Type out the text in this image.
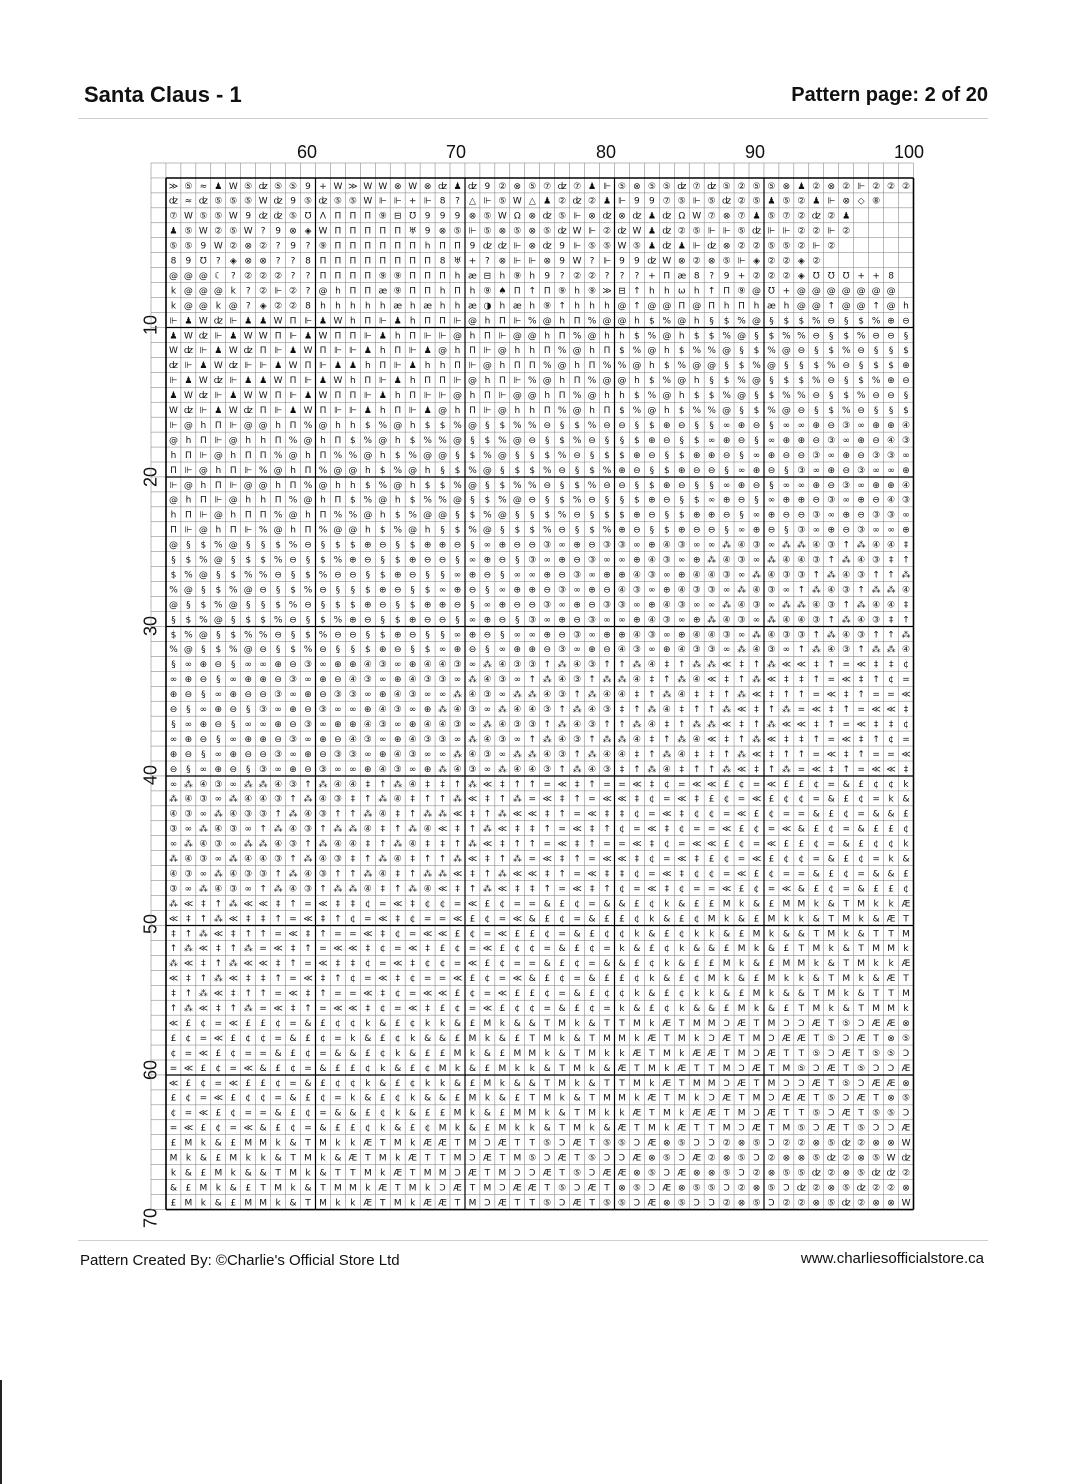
Santa Claus - 1	Pattern page: 2 of 20
60	70	80	90	100
10
20
30
40
50
60
70
≫ ⑤ ≈ ♟ W ⑤ ʣ ⑤ ⑤ 9 + W ≫ W W ⊗ W ⊗ ʣ ♟ ʣ 9 ② ⊗ ⑤ ⑦ ʣ ⑦ ♟ ⊩ ⑤ ⊗ ⑤ ⑤ ʣ ⑦ ʣ ⑤ ② ⑤ ⑤ ⊗ ♟ ② ⊗ ② ⊩ ② ② ②
ʣ ≈ ʣ ⑤ ⑤ ⑤ W ʣ 9 ⑤ ʣ ⑤ ⑤ W ⊩ ⊩ + ⊩ 8 ? △ ⊩ ⑤ W △ ♟ ② ʣ ② ♟ ⊩ 9 9 ⑦ ⑤ ⊩ ⑤ ʣ ② ⑤ ♟ ⑤ ② ♟ ⊩ ⊗ ◇ ⑧
⑦ W ⑤ ⑤ W 9 ʣ ʣ ⑤ ℧ Λ Π Π Π ⑨ ⊟ ℧ 9 9 9 ⊗ ⑤ W Ω ⊗ ʣ ⑤ ⊩ ⊗ ʣ ⊗ ʣ ♟ ʣ Ω W ⑦ ⊗ ⑦ ♟ ⑤ ⑦ ② ʣ ② ♟
♟ ⑤ W ② ⑤ W ? 9 ⊗ ◈ W Π Π Π Π Π ♅ 9 ⊗ ⑤ ⊩ ⑤ ⊗ ⑤ ⊗ ⑤ ʣ W ⊩ ② ʣ W ♟ ʣ ② ⑤ ⊩ ⊩ ⑤ ʣ ⊩ ⊩ ② ② ⊩ ②
⑤ ⑤ 9 W ② ⊗ ② ? 9 ? ⑨ Π Π Π Π Π Π h Π Π 9 ʣ ʣ ⊩ ⊗ ʣ 9 ⊩ ⑤ ⑤ W ⑤ ♟ ʣ ♟ ⊩ ʣ ⊗ ② ② ⑤ ⑤ ② ⊩ ②
8 9 ℧ ? ◈ ⊗ ⊗ ? ? 8 Π Π Π Π Π Π Π Π 8 ♅ + ? ⊗ ⊩ ⊩ ⊗ 9 W ? ⊩ 9 9 ʣ W ⊗ ② ⊗ ⑤ ⊩ ◈ ② ② ◈ ②
@ @ @ ☾ ? ② ② ② ? ? Π Π Π Π ⑨ ⑨ Π Π Π h æ ⊟ h ⑨ h 9 ? ② ② ? ? ? + Π æ 8 ? 9 + ② ② ② ◈ ℧ ℧ ℧ + + 8
k @ @ @ k ? ② ⊩ ② ? @ h Π Π æ ⑨ Π Π h Π h ⑨ ♠ Π ↑ Π ⑨ h ⑨ ≫ ⊟ ↑ h h ω h ↑ Π ⑨ @ ℧ + @ @ @ @ @ @ @
k @ @ k @ ? ◈ ② ② 8 h h h h h æ h æ h h æ ◑ h æ h ⑨ ↑ h h h @ ↑ @ @ Π @ Π h Π h æ h @ @ ↑ @ @ ↑ @ h
⊩ ♟ W ʣ ⊩ ♟ ♟ W Π ⊩ ♟ W h Π ⊩ ♟ h Π Π ⊩ @ h Π ⊩ % @ h Π % @ @ h $ % @ h § $ % @ § $ $ % ⊖ § $ % ⊕ ⊖
♟ W ʣ ⊩ ♟ W W Π ⊩ ♟ W Π Π ⊩ ♟ h Π ⊩ ⊩ @ h Π ⊩ @ @ h Π % @ h h $ % @ h $ $ % @ § $ % % ⊖ § $ % ⊖ ⊖ §
W ʣ ⊩ ♟ W ʣ Π ⊩ ♟ W Π ⊩ ⊩ ♟ h Π ⊩ ♟ @ h Π ⊩ @ h h Π % @ h Π $ % @ h $ % % @ § $ % @ ⊖ § $ % ⊖ § § $
ʣ ⊩ ♟ W ʣ ⊩ ⊩ ♟ W Π ⊩ ♟ ♟ h Π ⊩ ♟ h h Π ⊩ @ h Π Π % @ h Π % % @ h $ % @ @ § $ % @ § § $ % ⊖ § $ $ ⊕
⊩ ♟ W ʣ ⊩ ♟ ♟ W Π ⊩ ♟ W h Π ⊩ ♟ h Π Π ⊩ @ h Π ⊩ % @ h Π % @ @ h $ % @ h § $ % @ § $ $ % ⊖ § $ % ⊕ ⊖
♟ W ʣ ⊩ ♟ W W Π ⊩ ♟ W Π Π ⊩ ♟ h Π ⊩ ⊩ @ h Π ⊩ @ @ h Π % @ h h $ % @ h $ $ % @ § $ % % ⊖ § $ % ⊖ ⊖ §
W ʣ ⊩ ♟ W ʣ Π ⊩ ♟ W Π ⊩ ⊩ ♟ h Π ⊩ ♟ @ h Π ⊩ @ h h Π % @ h Π $ % @ h $ % % @ § $ % @ ⊖ § $ % ⊖ § § $
⊩ @ h Π ⊩ @ @ h Π % @ h h $ % @ h $ $ % @ § $ % % ⊖ § $ % ⊖ ⊖ § $ ⊕ ⊖ § § ∞ ⊕ ⊖ § ∞ ∞ ⊕ ⊖ ③ ∞ ⊕ ⊕ ④
@ h Π ⊩ @ h h Π % @ h Π $ % @ h $ % % @ § $ % @ ⊖ § $ % ⊖ § § $ ⊕ ⊖ § $ ∞ ⊕ ⊖ § ∞ ⊕ ⊕ ⊖ ③ ∞ ⊕ ⊖ ④ ③
h Π ⊩ @ h Π Π % @ h Π % % @ h $ % @ @ § $ % @ § § $ % ⊖ § $ $ ⊕ ⊖ § $ ⊕ ⊕ ⊖ § ∞ ⊕ ⊖ ⊖ ③ ∞ ⊕ ⊖ ③ ③ ∞
Π ⊩ @ h Π ⊩ % @ h Π % @ @ h $ % @ h § $ % @ § $ $ % ⊖ § $ % ⊕ ⊖ § $ ⊕ ⊖ ⊖ § ∞ ⊕ ⊖ § ③ ∞ ⊕ ⊖ ③ ∞ ∞ ⊕
⊩ @ h Π ⊩ @ @ h Π % @ h h $ % @ h $ $ % @ § $ % % ⊖ § $ % ⊖ ⊖ § $ ⊕ ⊖ § § ∞ ⊕ ⊖ § ∞ ∞ ⊕ ⊖ ③ ∞ ⊕ ⊕ ④
@ h Π ⊩ @ h h Π % @ h Π $ % @ h $ % % @ § $ % @ ⊖ § $ % ⊖ § § $ ⊕ ⊖ § $ ∞ ⊕ ⊖ § ∞ ⊕ ⊕ ⊖ ③ ∞ ⊕ ⊖ ④ ③
h Π ⊩ @ h Π Π % @ h Π % % @ h $ % @ @ § $ % @ § § $ % ⊖ § $ $ ⊕ ⊖ § $ ⊕ ⊕ ⊖ § ∞ ⊕ ⊖ ⊖ ③ ∞ ⊕ ⊖ ③ ③ ∞
Π ⊩ @ h Π ⊩ % @ h Π % @ @ h $ % @ h § $ % @ § $ $ % ⊖ § $ % ⊕ ⊖ § $ ⊕ ⊖ ⊖ § ∞ ⊕ ⊖ § ③ ∞ ⊕ ⊖ ③ ∞ ∞ ⊕
@ § $ % @ § § $ % ⊖ § $ $ ⊕ ⊖ § $ ⊕ ⊕ ⊖ § ∞ ⊕ ⊖ ⊖ ③ ∞ ⊕ ⊖ ③ ③ ∞ ⊕ ④ ③ ∞ ∞ ⁂ ④ ③ ∞ ⁂ ⁂ ④ ③ ↑ ⁂ ④ ④ ‡
§ $ % @ § $ $ % ⊖ § $ % ⊕ ⊖ § $ ⊕ ⊖ ⊖ § ∞ ⊕ ⊖ § ③ ∞ ⊕ ⊖ ③ ∞ ∞ ⊕ ④ ③ ∞ ⊕ ⁂ ④ ③ ∞ ⁂ ④ ④ ③ ↑ ⁂ ④ ③ ‡ ↑
$ % @ § $ % % ⊖ § $ % ⊖ ⊖ § $ ⊕ ⊖ § § ∞ ⊕ ⊖ § ∞ ∞ ⊕ ⊖ ③ ∞ ⊕ ⊕ ④ ③ ∞ ⊕ ④ ④ ③ ∞ ⁂ ④ ③ ③ ↑ ⁂ ④ ③ ↑ ↑ ⁂
% @ § $ % @ ⊖ § $ % ⊖ § § $ ⊕ ⊖ § $ ∞ ⊕ ⊖ § ∞ ⊕ ⊕ ⊖ ③ ∞ ⊕ ⊖ ④ ③ ∞ ⊕ ④ ③ ③ ∞ ⁂ ④ ③ ∞ ↑ ⁂ ④ ③ ↑ ⁂ ⁂ ④
@ § $ % @ § § $ % ⊖ § $ $ ⊕ ⊖ § $ ⊕ ⊕ ⊖ § ∞ ⊕ ⊖ ⊖ ③ ∞ ⊕ ⊖ ③ ③ ∞ ⊕ ④ ③ ∞ ∞ ⁂ ④ ③ ∞ ⁂ ⁂ ④ ③ ↑ ⁂ ④ ④ ‡
§ $ % @ § $ $ % ⊖ § $ % ⊕ ⊖ § $ ⊕ ⊖ ⊖ § ∞ ⊕ ⊖ § ③ ∞ ⊕ ⊖ ③ ∞ ∞ ⊕ ④ ③ ∞ ⊕ ⁂ ④ ③ ∞ ⁂ ④ ④ ③ ↑ ⁂ ④ ③ ‡ ↑
$ % @ § $ % % ⊖ § $ % ⊖ ⊖ § $ ⊕ ⊖ § § ∞ ⊕ ⊖ § ∞ ∞ ⊕ ⊖ ③ ∞ ⊕ ⊕ ④ ③ ∞ ⊕ ④ ④ ③ ∞ ⁂ ④ ③ ③ ↑ ⁂ ④ ③ ↑ ↑ ⁂
% @ § $ % @ ⊖ § $ % ⊖ § § $ ⊕ ⊖ § $ ∞ ⊕ ⊖ § ∞ ⊕ ⊕ ⊖ ③ ∞ ⊕ ⊖ ④ ③ ∞ ⊕ ④ ③ ③ ∞ ⁂ ④ ③ ∞ ↑ ⁂ ④ ③ ↑ ⁂ ⁂ ④
§ ∞ ⊕ ⊖ § ∞ ∞ ⊕ ⊖ ③ ∞ ⊕ ⊕ ④ ③ ∞ ⊕ ④ ④ ③ ∞ ⁂ ④ ③ ③ ↑ ⁂ ④ ③ ↑ ↑ ⁂ ④ ‡ ↑ ⁂ ⁂ ≪ ‡ ↑ ⁂ ≪ ≪ ‡ ↑ = ≪ ‡ ‡ ¢
∞ ⊕ ⊖ § ∞ ⊕ ⊕ ⊖ ③ ∞ ⊕ ⊖ ④ ③ ∞ ⊕ ④ ③ ③ ∞ ⁂ ④ ③ ∞ ↑ ⁂ ④ ③ ↑ ⁂ ⁂ ④ ‡ ↑ ⁂ ④ ≪ ‡ ↑ ⁂ ≪ ‡ ‡ ↑ = ≪ ‡ ↑ ¢ =
⊕ ⊖ § ∞ ⊕ ⊖ ⊖ ③ ∞ ⊕ ⊖ ③ ③ ∞ ⊕ ④ ③ ∞ ∞ ⁂ ④ ③ ∞ ⁂ ⁂ ④ ③ ↑ ⁂ ④ ④ ‡ ↑ ⁂ ④ ‡ ‡ ↑ ⁂ ≪ ‡ ↑ ↑ = ≪ ‡ ↑ = = ≪
⊖ § ∞ ⊕ ⊖ § ③ ∞ ⊕ ⊖ ③ ∞ ∞ ⊕ ④ ③ ∞ ⊕ ⁂ ④ ③ ∞ ⁂ ④ ④ ③ ↑ ⁂ ④ ③ ‡ ↑ ⁂ ④ ‡ ↑ ↑ ⁂ ≪ ‡ ↑ ⁂ = ≪ ‡ ↑ = ≪ ≪ ‡
§ ∞ ⊕ ⊖ § ∞ ∞ ⊕ ⊖ ③ ∞ ⊕ ⊕ ④ ③ ∞ ⊕ ④ ④ ③ ∞ ⁂ ④ ③ ③ ↑ ⁂ ④ ③ ↑ ↑ ⁂ ④ ‡ ↑ ⁂ ⁂ ≪ ‡ ↑ ⁂ ≪ ≪ ‡ ↑ = ≪ ‡ ‡ ¢
∞ ⊕ ⊖ § ∞ ⊕ ⊕ ⊖ ③ ∞ ⊕ ⊖ ④ ③ ∞ ⊕ ④ ③ ③ ∞ ⁂ ④ ③ ∞ ↑ ⁂ ④ ③ ↑ ⁂ ⁂ ④ ‡ ↑ ⁂ ④ ≪ ‡ ↑ ⁂ ≪ ‡ ‡ ↑ = ≪ ‡ ↑ ¢ =
⊕ ⊖ § ∞ ⊕ ⊖ ⊖ ③ ∞ ⊕ ⊖ ③ ③ ∞ ⊕ ④ ③ ∞ ∞ ⁂ ④ ③ ∞ ⁂ ⁂ ④ ③ ↑ ⁂ ④ ④ ‡ ↑ ⁂ ④ ‡ ‡ ↑ ⁂ ≪ ‡ ↑ ↑ = ≪ ‡ ↑ = = ≪
⊖ § ∞ ⊕ ⊖ § ③ ∞ ⊕ ⊖ ③ ∞ ∞ ⊕ ④ ③ ∞ ⊕ ⁂ ④ ③ ∞ ⁂ ④ ④ ③ ↑ ⁂ ④ ③ ‡ ↑ ⁂ ④ ‡ ↑ ↑ ⁂ ≪ ‡ ↑ ⁂ = ≪ ‡ ↑ = ≪ ≪ ‡
∞ ⁂ ④ ③ ∞ ⁂ ⁂ ④ ③ ↑ ⁂ ④ ④ ‡ ↑ ⁂ ④ ‡ ‡ ↑ ⁂ ≪ ‡ ↑ ↑ = ≪ ‡ ↑ = = ≪ ‡ ¢ = ≪ ≪ £ ¢ = ≪ £ £ ¢ = & £ ¢ ¢ k
⁂ ④ ③ ∞ ⁂ ④ ④ ③ ↑ ⁂ ④ ③ ‡ ↑ ⁂ ④ ‡ ↑ ↑ ⁂ ≪ ‡ ↑ ⁂ = ≪ ‡ ↑ = ≪ ≪ ‡ ¢ = ≪ ‡ £ ¢ = ≪ £ ¢ ¢ = & £ ¢ = k &
④ ③ ∞ ⁂ ④ ③ ③ ↑ ⁂ ④ ③ ↑ ↑ ⁂ ④ ‡ ↑ ⁂ ⁂ ≪ ‡ ↑ ⁂ ≪ ≪ ‡ ↑ = ≪ ‡ ‡ ¢ = ≪ ‡ ¢ ¢ = ≪ £ ¢ = = & £ ¢ = & & £
③ ∞ ⁂ ④ ③ ∞ ↑ ⁂ ④ ③ ↑ ⁂ ⁂ ④ ‡ ↑ ⁂ ④ ≪ ‡ ↑ ⁂ ≪ ‡ ‡ ↑ = ≪ ‡ ↑ ¢ = ≪ ‡ ¢ = = ≪ £ ¢ = ≪ & £ ¢ = & £ £ ¢
∞ ⁂ ④ ③ ∞ ⁂ ⁂ ④ ③ ↑ ⁂ ④ ④ ‡ ↑ ⁂ ④ ‡ ‡ ↑ ⁂ ≪ ‡ ↑ ↑ = ≪ ‡ ↑ = = ≪ ‡ ¢ = ≪ ≪ £ ¢ = ≪ £ £ ¢ = & £ ¢ ¢ k
⁂ ④ ③ ∞ ⁂ ④ ④ ③ ↑ ⁂ ④ ③ ‡ ↑ ⁂ ④ ‡ ↑ ↑ ⁂ ≪ ‡ ↑ ⁂ = ≪ ‡ ↑ = ≪ ≪ ‡ ¢ = ≪ ‡ £ ¢ = ≪ £ ¢ ¢ = & £ ¢ = k &
④ ③ ∞ ⁂ ④ ③ ③ ↑ ⁂ ④ ③ ↑ ↑ ⁂ ④ ‡ ↑ ⁂ ⁂ ≪ ‡ ↑ ⁂ ≪ ≪ ‡ ↑ = ≪ ‡ ‡ ¢ = ≪ ‡ ¢ ¢ = ≪ £ ¢ = = & £ ¢ = & & £
③ ∞ ⁂ ④ ③ ∞ ↑ ⁂ ④ ③ ↑ ⁂ ⁂ ④ ‡ ↑ ⁂ ④ ≪ ‡ ↑ ⁂ ≪ ‡ ‡ ↑ = ≪ ‡ ↑ ¢ = ≪ ‡ ¢ = = ≪ £ ¢ = ≪ & £ ¢ = & £ £ ¢
⁂ ≪ ‡ ↑ ⁂ ≪ ≪ ‡ ↑ = ≪ ‡ ‡ ¢ = ≪ ‡ ¢ ¢ = ≪ £ ¢ = = & £ ¢ = & & £ ¢ k & £ £ M k & £ M M k & T M k k Æ
≪ ‡ ↑ ⁂ ≪ ‡ ‡ ↑ = ≪ ‡ ↑ ¢ = ≪ ‡ ¢ = = ≪ £ ¢ = ≪ & £ ¢ = & £ £ ¢ k & £ ¢ M k & £ M k k & T M k & Æ T
‡ ↑ ⁂ ≪ ‡ ↑ ↑ = ≪ ‡ ↑ = = ≪ ‡ ¢ = ≪ ≪ £ ¢ = ≪ £ £ ¢ = & £ ¢ ¢ k & £ ¢ k k & £ M k & & T M k & T T M
↑ ⁂ ≪ ‡ ↑ ⁂ = ≪ ‡ ↑ = ≪ ≪ ‡ ¢ = ≪ ‡ £ ¢ = ≪ £ ¢ ¢ = & £ ¢ = k & £ ¢ k & & £ M k & £ T M k & T M M k
⁂ ≪ ‡ ↑ ⁂ ≪ ≪ ‡ ↑ = ≪ ‡ ‡ ¢ = ≪ ‡ ¢ ¢ = ≪ £ ¢ = = & £ ¢ = & & £ ¢ k & £ £ M k & £ M M k & T M k k Æ
≪ ‡ ↑ ⁂ ≪ ‡ ‡ ↑ = ≪ ‡ ↑ ¢ = ≪ ‡ ¢ = = ≪ £ ¢ = ≪ & £ ¢ = & £ £ ¢ k & £ ¢ M k & £ M k k & T M k & Æ T
‡ ↑ ⁂ ≪ ‡ ↑ ↑ = ≪ ‡ ↑ = = ≪ ‡ ¢ = ≪ ≪ £ ¢ = ≪ £ £ ¢ = & £ ¢ ¢ k & £ ¢ k k & £ M k & & T M k & T T M
↑ ⁂ ≪ ‡ ↑ ⁂ = ≪ ‡ ↑ = ≪ ≪ ‡ ¢ = ≪ ‡ £ ¢ = ≪ £ ¢ ¢ = & £ ¢ = k & £ ¢ k & & £ M k & £ T M k & T M M k
≪ £ ¢ = ≪ £ £ ¢ = & £ ¢ ¢ k & £ ¢ k k & £ M k & & T M k & T T M k Æ T M M Ↄ Æ T M Ↄ Ↄ Æ T ⑤ Ↄ Æ Æ ⊗
£ ¢ = ≪ £ ¢ ¢ = & £ ¢ = k & £ ¢ k & & £ M k & £ T M k & T M M k Æ T M k Ↄ Æ T M Ↄ Æ Æ T ⑤ Ↄ Æ T ⊗ ⑤
¢ = ≪ £ ¢ = = & £ ¢ = & & £ ¢ k & £ £ M k & £ M M k & T M k k Æ T M k Æ Æ T M Ↄ Æ T T ⑤ Ↄ Æ T ⑤ ⑤ Ↄ
= ≪ £ ¢ = ≪ & £ ¢ = & £ £ ¢ k & £ ¢ M k & £ M k k & T M k & Æ T M k Æ T T M Ↄ Æ T M ⑤ Ↄ Æ T ⑤ Ↄ Ↄ Æ
≪ £ ¢ = ≪ £ £ ¢ = & £ ¢ ¢ k & £ ¢ k k & £ M k & & T M k & T T M k Æ T M M Ↄ Æ T M Ↄ Ↄ Æ T ⑤ Ↄ Æ Æ ⊗
£ ¢ = ≪ £ ¢ ¢ = & £ ¢ = k & £ ¢ k & & £ M k & £ T M k & T M M k Æ T M k Ↄ Æ T M Ↄ Æ Æ T ⑤ Ↄ Æ T ⊗ ⑤
¢ = ≪ £ ¢ = = & £ ¢ = & & £ ¢ k & £ £ M k & £ M M k & T M k k Æ T M k Æ Æ T M Ↄ Æ T T ⑤ Ↄ Æ T ⑤ ⑤ Ↄ
= ≪ £ ¢ = ≪ & £ ¢ = & £ £ ¢ k & £ ¢ M k & £ M k k & T M k & Æ T M k Æ T T M Ↄ Æ T M ⑤ Ↄ Æ T ⑤ Ↄ Ↄ Æ
£ M k & £ M M k & T M k k Æ T M k Æ Æ T M Ↄ Æ T T ⑤ Ↄ Æ T ⑤ ⑤ Ↄ Æ ⊗ ⑤ Ↄ Ↄ ② ⊗ ⑤ Ↄ ② ② ⊗ ⑤ ʣ ② ⊗ ⊗ W
M k & £ M k k & T M k & Æ T M k Æ T T M Ↄ Æ T M ⑤ Ↄ Æ T ⑤ Ↄ Ↄ Æ ⊗ ⑤ Ↄ Æ ② ⊗ ⑤ Ↄ ② ⊗ ⊗ ⑤ ʣ ② ⊗ ⑤ W ʣ
k & £ M k & & T M k & T T M k Æ T M M Ↄ Æ T M Ↄ Ↄ Æ T ⑤ Ↄ Æ Æ ⊗ ⑤ Ↄ Æ ⊗ ⊗ ⑤ Ↄ ② ⊗ ⑤ ⑤ ʣ ② ⊗ ⑤ ʣ ʣ ②
& £ M k & £ T M k & T M M k Æ T M k Ↄ Æ T M Ↄ Æ Æ T ⑤ Ↄ Æ T ⊗ ⑤ Ↄ Æ ⊗ ⑤ ⑤ Ↄ ② ⊗ ⑤ Ↄ ʣ ② ⊗ ⑤ ʣ ② ② ⊗
£ M k & £ M M k & T M k k Æ T M k Æ Æ T M Ↄ Æ T T ⑤ Ↄ Æ T ⑤ ⑤ Ↄ Æ ⊗ ⑤ Ↄ Ↄ ② ⊗ ⑤ Ↄ ② ② ⊗ ⑤ ʣ ② ⊗ ⊗ W
Pattern Created By: ©Charlie's Official Store Ltd	www.charliesofficialstore.ca
